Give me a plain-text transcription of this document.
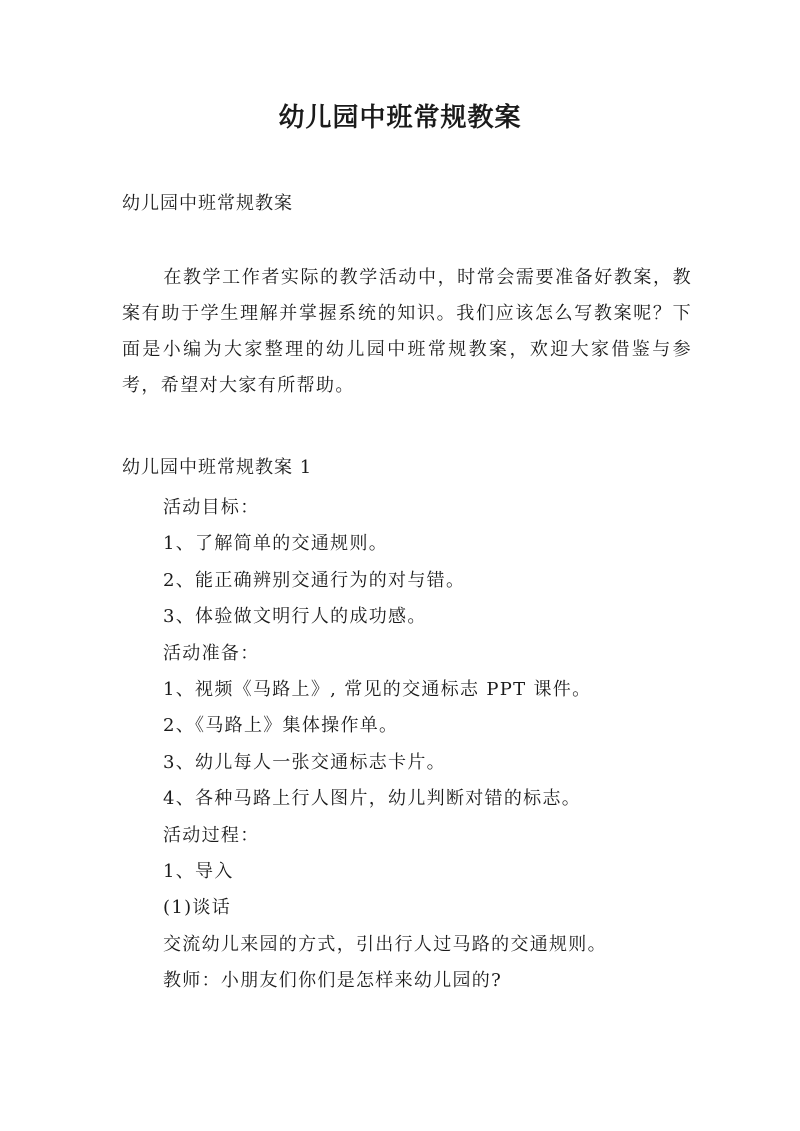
幼儿园中班常规教案

幼儿园中班常规教案

在教学工作者实际的教学活动中，时常会需要准备好教案，教案有助于学生理解并掌握系统的知识。我们应该怎么写教案呢？下面是小编为大家整理的幼儿园中班常规教案，欢迎大家借鉴与参考，希望对大家有所帮助。

幼儿园中班常规教案 1

活动目标：
1、了解简单的交通规则。
2、能正确辨别交通行为的对与错。
3、体验做文明行人的成功感。
活动准备：
1、视频《马路上》, 常见的交通标志 PPT 课件。
2、《马路上》集体操作单。
3、幼儿每人一张交通标志卡片。
4、各种马路上行人图片，幼儿判断对错的标志。
活动过程：
1、导入
(1)谈话
交流幼儿来园的方式，引出行人过马路的交通规则。
教师：小朋友们你们是怎样来幼儿园的?
